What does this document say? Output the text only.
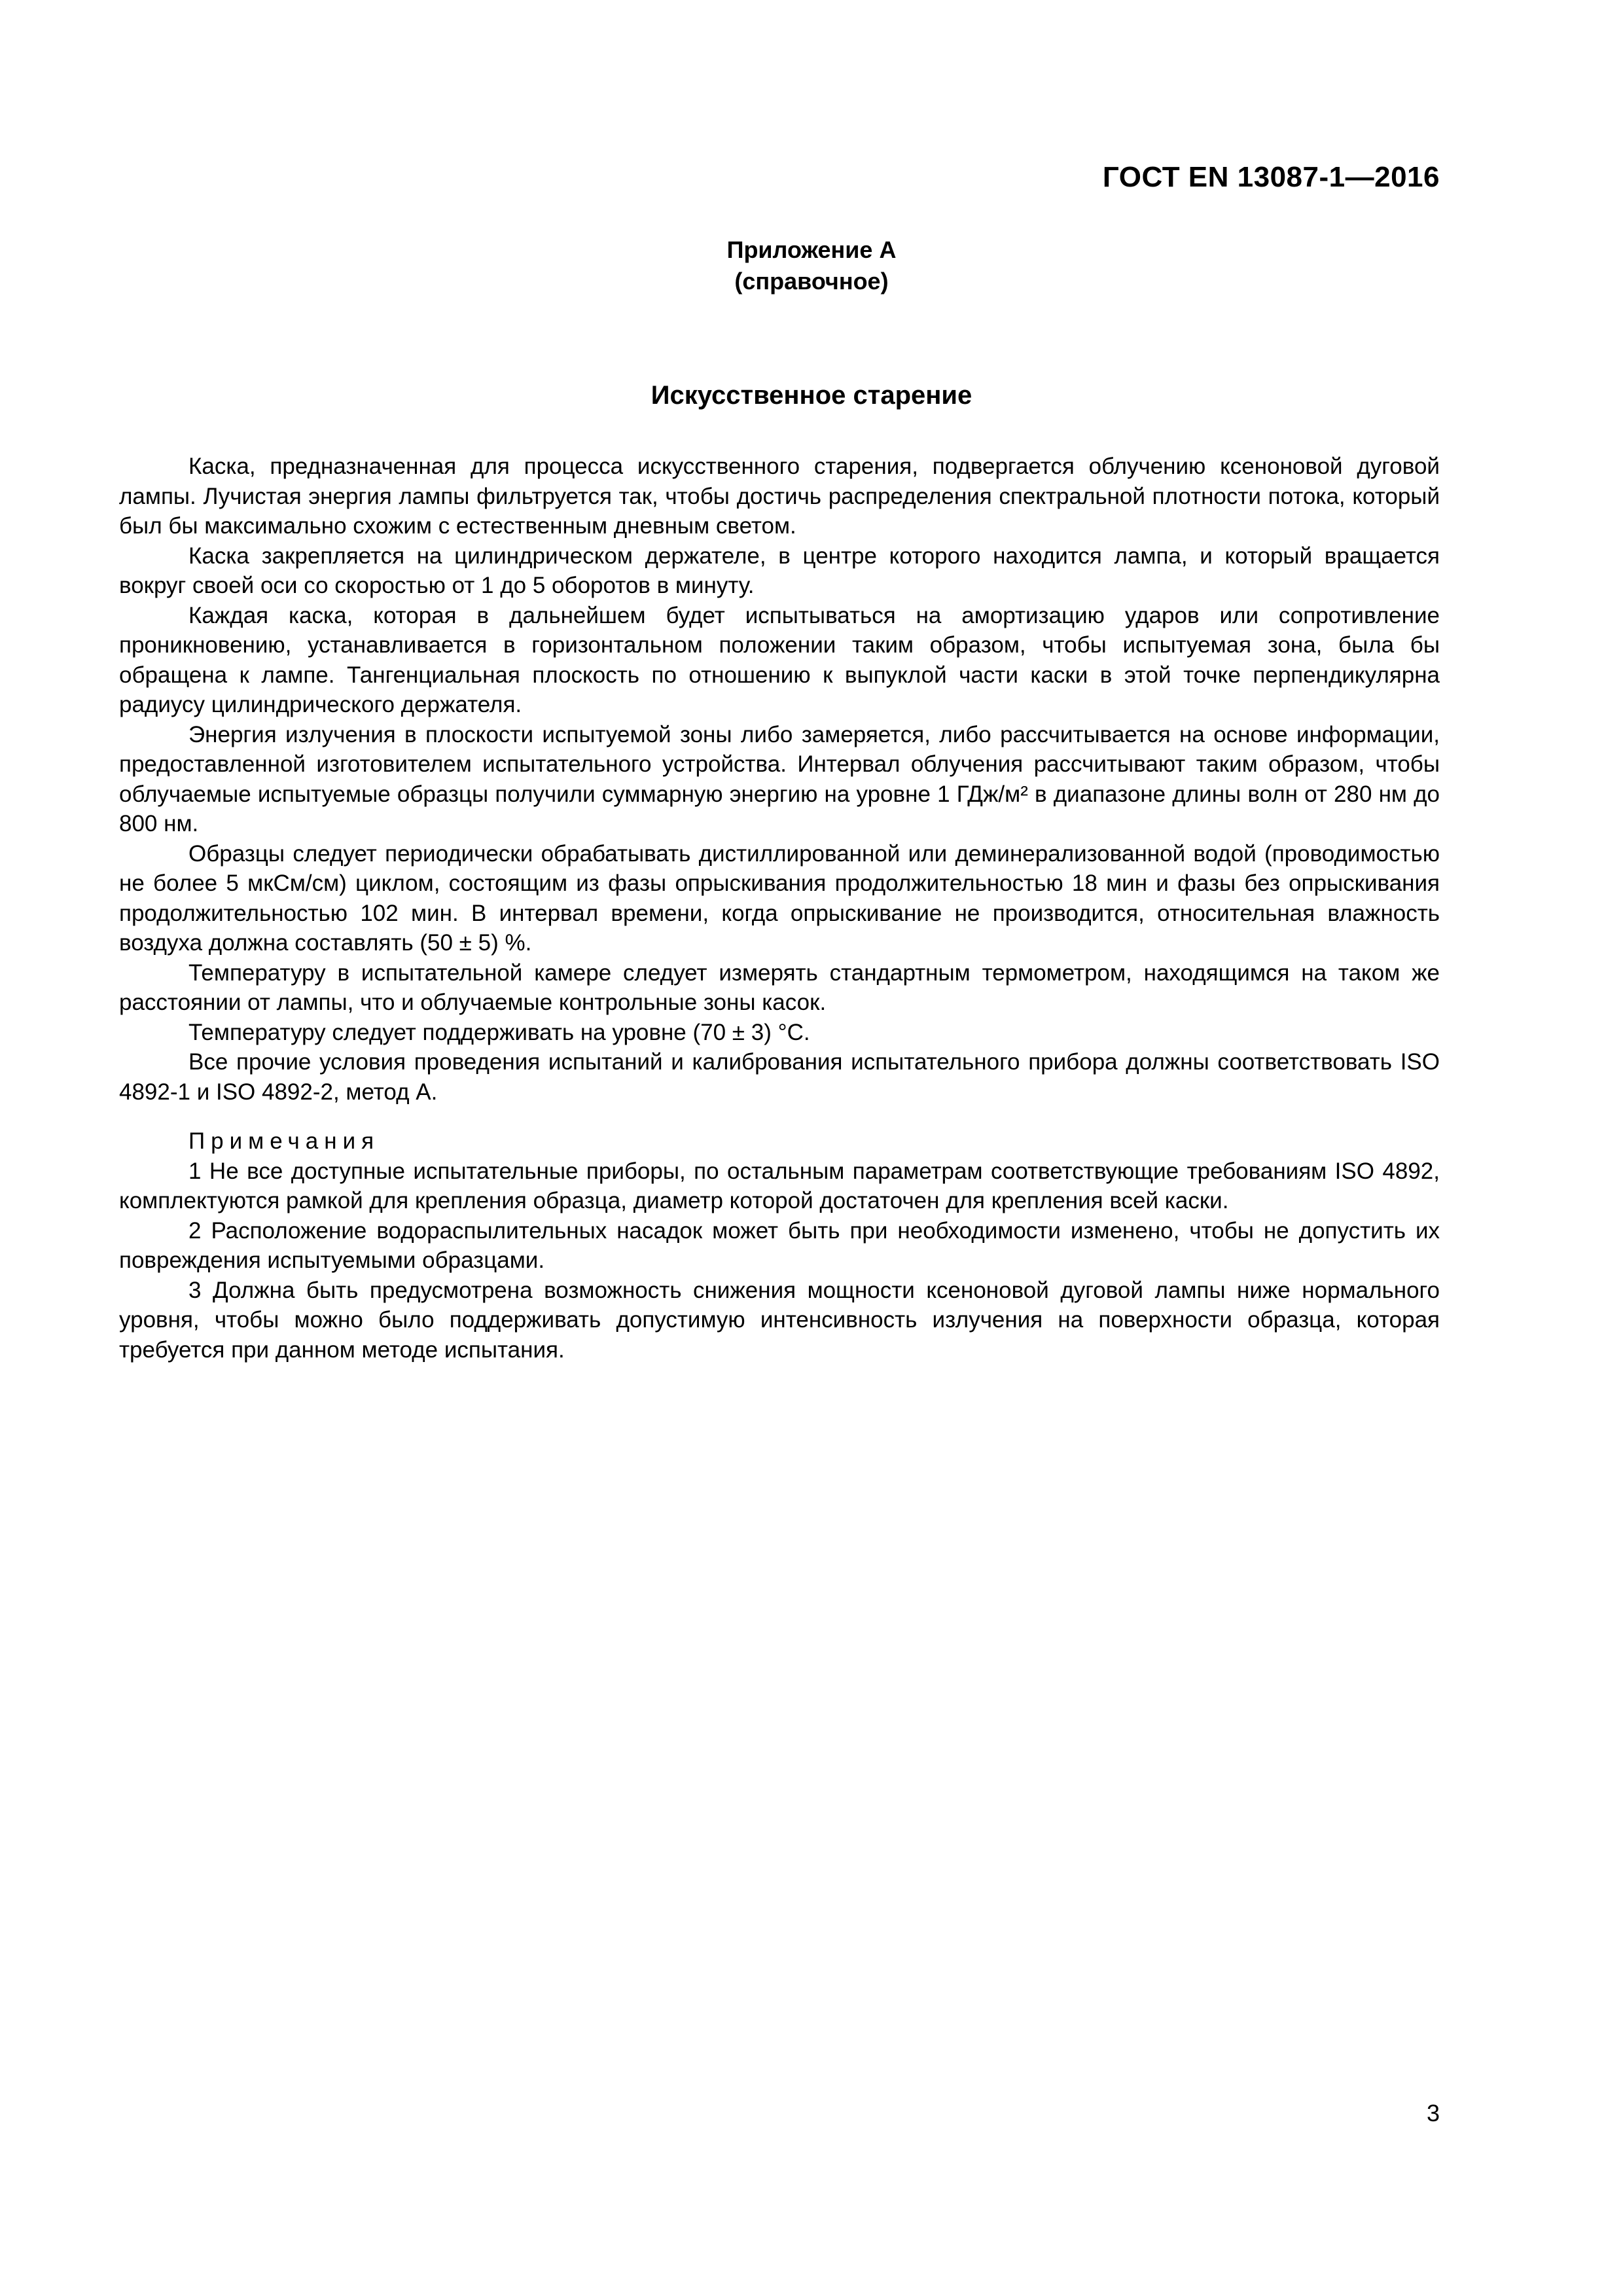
ГОСТ EN 13087-1—2016
Приложение А
(справочное)
Искусственное старение

Каска, предназначенная для процесса искусственного старения, подвергается облучению ксеноновой дуговой лампы. Лучистая энергия лампы фильтруется так, чтобы достичь распределения спектральной плотности потока, который был бы максимально схожим с естественным дневным светом.

Каска закрепляется на цилиндрическом держателе, в центре которого находится лампа, и который вращается вокруг своей оси со скоростью от 1 до 5 оборотов в минуту.

Каждая каска, которая в дальнейшем будет испытываться на амортизацию ударов или сопротивление проникновению, устанавливается в горизонтальном положении таким образом, чтобы испытуемая зона, была бы обращена к лампе. Тангенциальная плоскость по отношению к выпуклой части каски в этой точке перпендикулярна радиусу цилиндрического держателя.

Энергия излучения в плоскости испытуемой зоны либо замеряется, либо рассчитывается на основе информации, предоставленной изготовителем испытательного устройства. Интервал облучения рассчитывают таким образом, чтобы облучаемые испытуемые образцы получили суммарную энергию на уровне 1 ГДж/м² в диапазоне длины волн от 280 нм до 800 нм.

Образцы следует периодически обрабатывать дистиллированной или деминерализованной водой (проводимостью не более 5 мкСм/см) циклом, состоящим из фазы опрыскивания продолжительностью 18 мин и фазы без опрыскивания продолжительностью 102 мин. В интервал времени, когда опрыскивание не производится, относительная влажность воздуха должна составлять (50 ± 5) %.

Температуру в испытательной камере следует измерять стандартным термометром, находящимся на таком же расстоянии от лампы, что и облучаемые контрольные зоны касок.

Температуру следует поддерживать на уровне (70 ± 3) °С.

Все прочие условия проведения испытаний и калибрования испытательного прибора должны соответствовать ISO 4892-1 и ISO 4892-2, метод А.

Примечания

1 Не все доступные испытательные приборы, по остальным параметрам соответствующие требованиям ISO 4892, комплектуются рамкой для крепления образца, диаметр которой достаточен для крепления всей каски.

2 Расположение водораспылительных насадок может быть при необходимости изменено, чтобы не допустить их повреждения испытуемыми образцами.

3 Должна быть предусмотрена возможность снижения мощности ксеноновой дуговой лампы ниже нормального уровня, чтобы можно было поддерживать допустимую интенсивность излучения на поверхности образца, которая требуется при данном методе испытания.

3
